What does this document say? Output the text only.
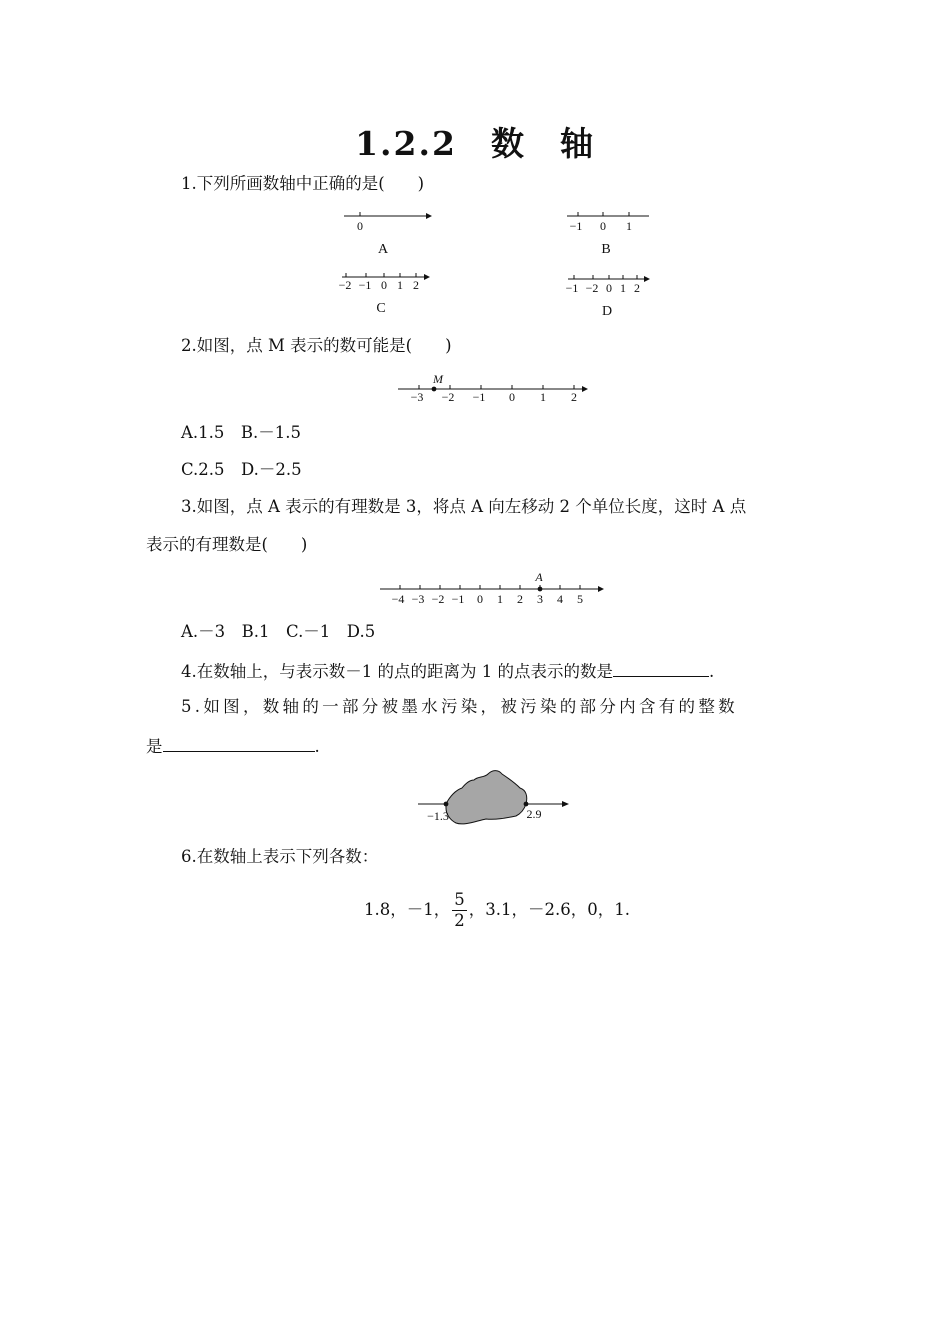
1.2.2 数 轴
1.下列所画数轴中正确的是(　　)
0
A
−1 0 1
B
−2 −1 0 1 2
C
−1 −2 0 1 2
D
2.如图，点 M 表示的数可能是(　　)
M
−3 −2 −1 0 1 2
A.1.5　B.－1.5
C.2.5　D.－2.5
3.如图，点 A 表示的有理数是 3，将点 A 向左移动 2 个单位长度，这时 A 点
表示的有理数是(　　)
A
−4 −3 −2 −1 0 1 2 3 4 5
A.－3　B.1　C.－1　D.5
4.在数轴上，与表示数－1 的点的距离为 1 的点表示的数是	.
5.如图，数轴的一部分被墨水污染，被污染的部分内含有的整数
是	.
−1.3	2.9
6.在数轴上表示下列各数：
1.8，－1， $\frac{5}{2}$ ，3.1，－2.6，0，1.
